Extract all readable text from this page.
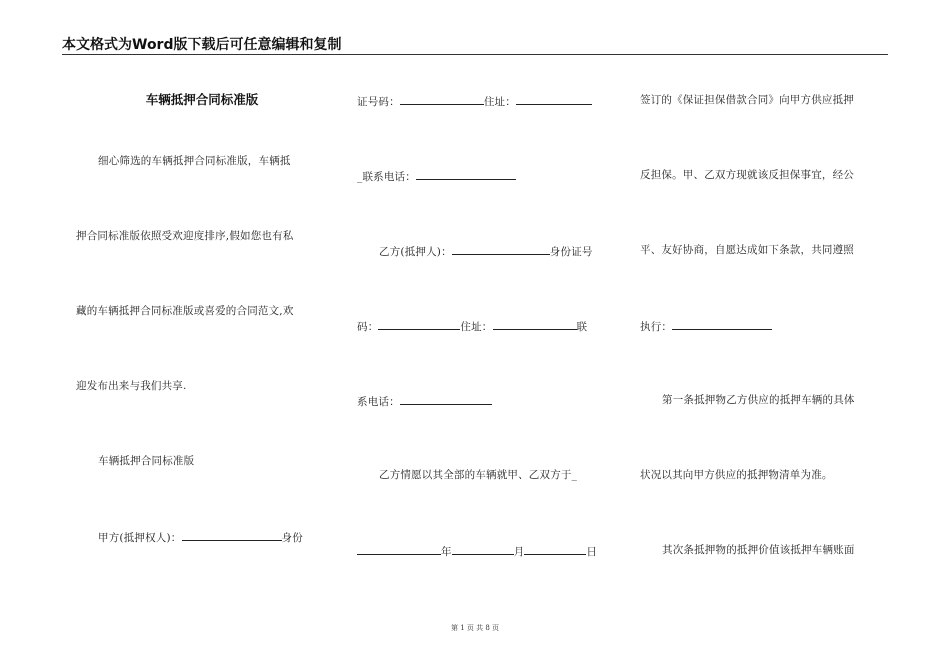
本文格式为Word版下载后可任意编辑和复制
车辆抵押合同标准版
细心筛选的车辆抵押合同标准版，车辆抵
押合同标准版依照受欢迎度排序,假如您也有私
藏的车辆抵押合同标准版或喜爱的合同范文,欢
迎发布出来与我们共享.
车辆抵押合同标准版
甲方(抵押权人)：	身份
证号码：	住址：
_联系电话：
乙方(抵押人)：	身份证号
码：	住址：	联
系电话：
乙方情愿以其全部的车辆就甲、乙双方于_
年	月	日
签订的《保证担保借款合同》向甲方供应抵押
反担保。甲、乙双方现就该反担保事宜，经公
平、友好协商，自愿达成如下条款，共同遵照
执行：
第一条抵押物乙方供应的抵押车辆的具体
状况以其向甲方供应的抵押物清单为准。
其次条抵押物的抵押价值该抵押车辆账面
第 1 页 共 8 页
